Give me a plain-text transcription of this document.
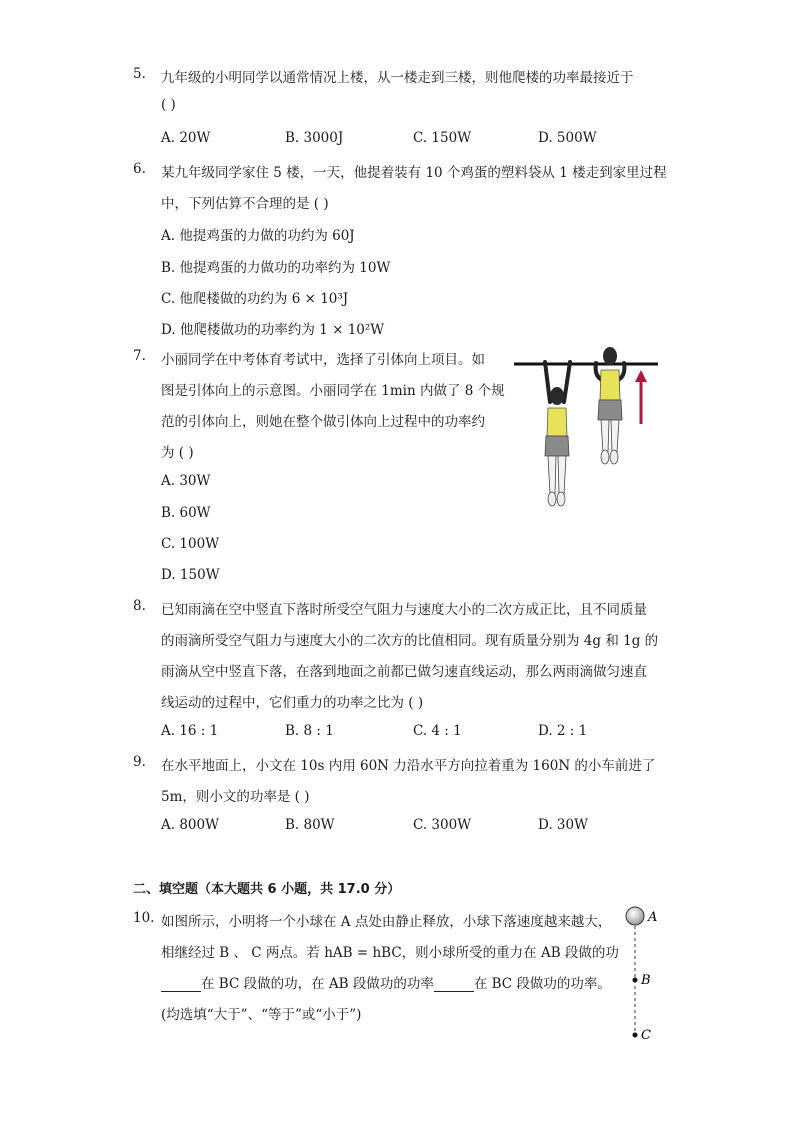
5.	九年级的小明同学以通常情况上楼，从一楼走到三楼，则他爬楼的功率最接近于
( )
A. 20W	B. 3000J	C. 150W	D. 500W
6.	某九年级同学家住 5 楼，一天，他提着装有 10 个鸡蛋的塑料袋从 1 楼走到家里过程
中，下列估算不合理的是 ( )
A. 他提鸡蛋的力做的功约为 60J
B. 他提鸡蛋的力做功的功率约为 10W
C. 他爬楼做的功约为 6 × 10³J
D. 他爬楼做功的功率约为 1 × 10²W
7.	小丽同学在中考体育考试中，选择了引体向上项目。如
图是引体向上的示意图。小丽同学在 1min 内做了 8 个规
范的引体向上，则她在整个做引体向上过程中的功率约
为 ( )
A. 30W
B. 60W
C. 100W
D. 150W
8.	已知雨滴在空中竖直下落时所受空气阻力与速度大小的二次方成正比，且不同质量
的雨滴所受空气阻力与速度大小的二次方的比值相同。现有质量分别为 4g 和 1g 的
雨滴从空中竖直下落，在落到地面之前都已做匀速直线运动，那么两雨滴做匀速直
线运动的过程中，它们重力的功率之比为 ( )
A. 16 : 1	B. 8 : 1	C. 4 : 1	D. 2 : 1
9.	在水平地面上，小文在 10s 内用 60N 力沿水平方向拉着重为 160N 的小车前进了
5m，则小文的功率是 ( )
A. 800W	B. 80W	C. 300W	D. 30W
二、填空题（本大题共 6 小题，共 17.0 分）
10. 如图所示，小明将一个小球在 A 点处由静止释放，小球下落速度越来越大，
相继经过 B 、 C 两点。若 hAB = hBC，则小球所受的重力在 AB 段做的功
在 BC 段做的功，在 AB 段做功的功率	在 BC 段做功的功率。
(均选填“大于”、“等于”或“小于”)
A
B
C
